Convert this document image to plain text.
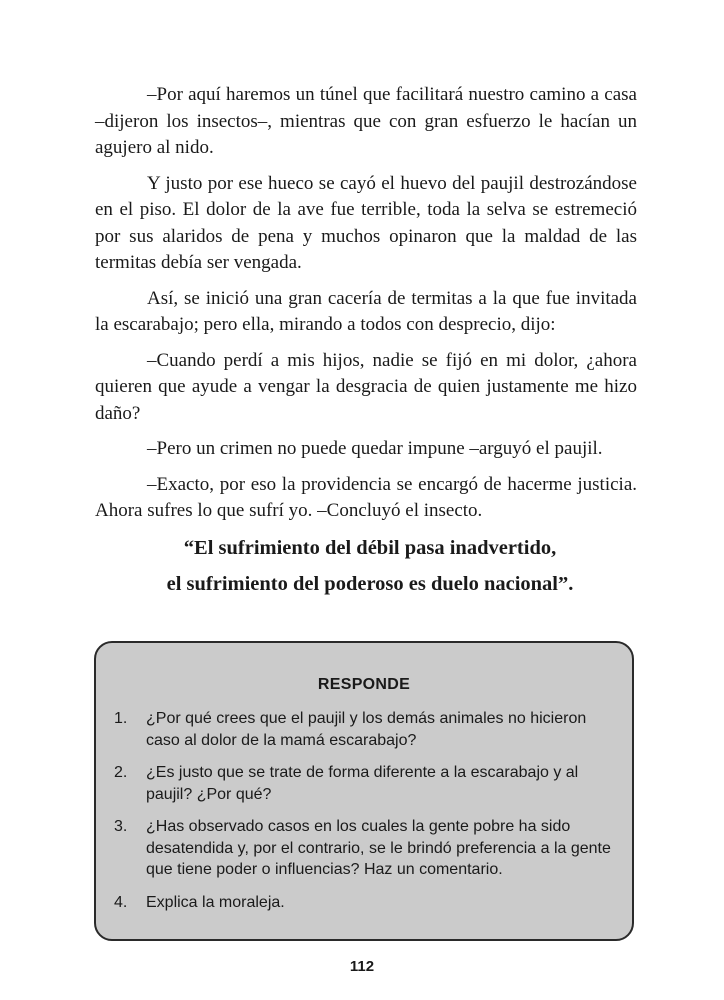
–Por aquí haremos un túnel que facilitará nuestro camino a casa –dijeron los insectos–, mientras que con gran esfuerzo le hacían un agujero al nido.

Y justo por ese hueco se cayó el huevo del paujil destrozándose en el piso. El dolor de la ave fue terrible, toda la selva se estremeció por sus alaridos de pena y muchos opinaron que la maldad de las termitas debía ser vengada.

Así, se inició una gran cacería de termitas a la que fue invitada la escarabajo; pero ella, mirando a todos con desprecio, dijo:

–Cuando perdí a mis hijos, nadie se fijó en mi dolor, ¿ahora quieren que ayude a vengar la desgracia de quien justamente me hizo daño?

–Pero un crimen no puede quedar impune –arguyó el paujil.

–Exacto, por eso la providencia se encargó de hacerme justicia. Ahora sufres lo que sufrí yo. –Concluyó el insecto.

“El sufrimiento del débil pasa inadvertido,
el sufrimiento del poderoso es duelo nacional”.
RESPONDE
1.	¿Por qué crees que el paujil y los demás animales no hicieron caso al dolor de la mamá escarabajo?
2.	¿Es justo que se trate de forma diferente a la escarabajo y al paujil? ¿Por qué?
3.	¿Has observado casos en los cuales la gente pobre ha sido desatendida y, por el contrario, se le brindó preferencia a la gente que tiene poder o influencias? Haz un comentario.
4.	Explica la moraleja.
112
